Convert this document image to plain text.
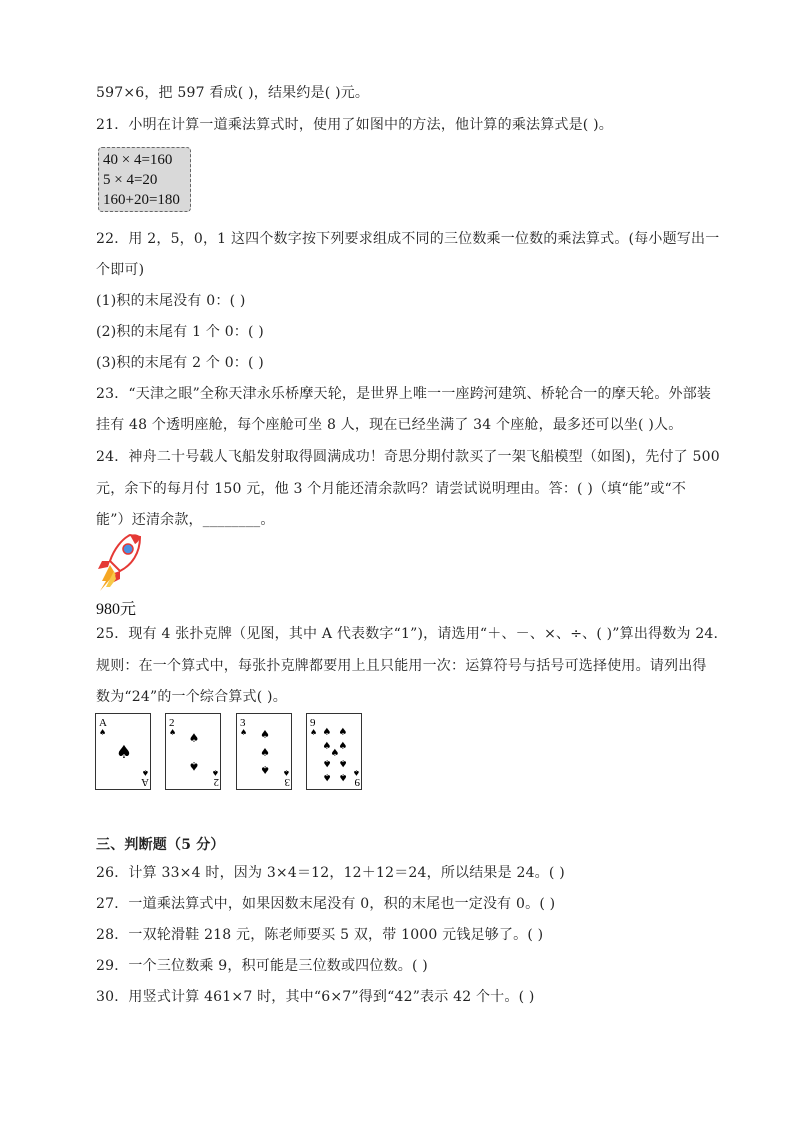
597×6，把 597 看成( )，结果约是( )元。
21．小明在计算一道乘法算式时，使用了如图中的方法，他计算的乘法算式是( )。
40 × 4=160
5 × 4=20
160+20=180
22．用 2，5，0，1 这四个数字按下列要求组成不同的三位数乘一位数的乘法算式。(每小题写出一
个即可)
(1)积的末尾没有 0：( )
(2)积的末尾有 1 个 0：( )
(3)积的末尾有 2 个 0：( )
23．“天津之眼”全称天津永乐桥摩天轮，是世界上唯一一座跨河建筑、桥轮合一的摩天轮。外部装
挂有 48 个透明座舱，每个座舱可坐 8 人，现在已经坐满了 34 个座舱，最多还可以坐( )人。
24．神舟二十号载人飞船发射取得圆满成功！奇思分期付款买了一架飞船模型（如图)，先付了 500
元，余下的每月付 150 元，他 3 个月能还清余款吗？请尝试说明理由。答：( )（填“能”或“不
能”）还清余款，________。
980元
25．现有 4 张扑克牌（见图，其中 A 代表数字“1”)，请选用“＋、－、×、÷、( )”算出得数为 24.
规则：在一个算式中，每张扑克牌都要用上且只能用一次：运算符号与括号可选择使用。请列出得
数为“24”的一个综合算式( )。
A
♠
♠
A
♠
2
♠ ♠
♠
2
♠
3
♠ ♠
♠
♠
3
♠
9
♠ ♠ ♠
♠ ♠
♠
♠ ♠
♠ ♠ 9
♠
三、判断题（5 分）
26．计算 33×4 时，因为 3×4＝12，12＋12＝24，所以结果是 24。( )
27．一道乘法算式中，如果因数末尾没有 0，积的末尾也一定没有 0。( )
28．一双轮滑鞋 218 元，陈老师要买 5 双，带 1000 元钱足够了。( )
29．一个三位数乘 9，积可能是三位数或四位数。( )
30．用竖式计算 461×7 时，其中“6×7”得到“42”表示 42 个十。( )
